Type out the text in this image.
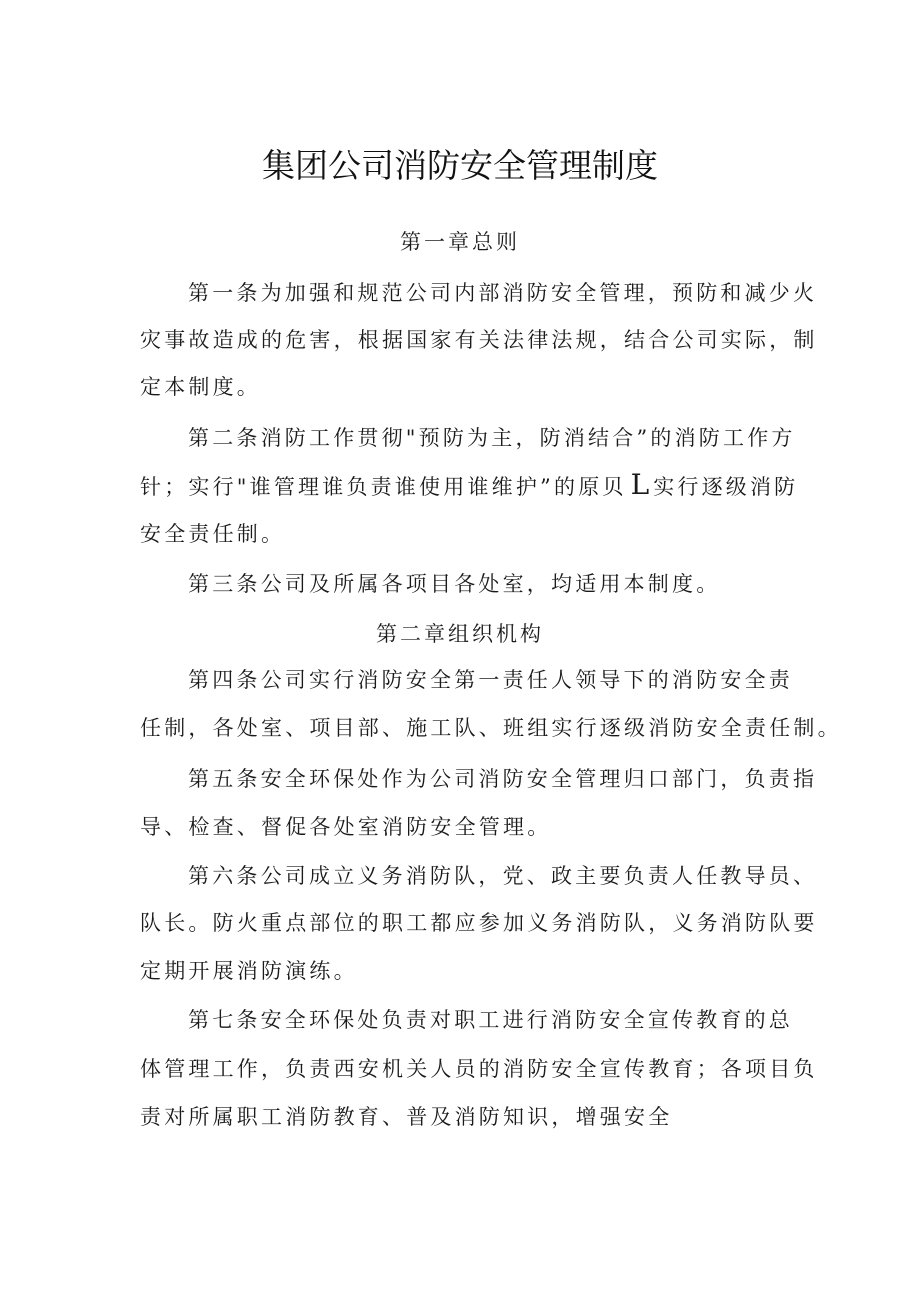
集团公司消防安全管理制度
第一章总则
第一条为加强和规范公司内部消防安全管理，预防和减少火
灾事故造成的危害，根据国家有关法律法规，结合公司实际，制
定本制度。
第二条消防工作贯彻"预防为主，防消结合”的消防工作方
针；实行"谁管理谁负责谁使用谁维护”的原贝 L 实行逐级消防
安全责任制。
第三条公司及所属各项目各处室，均适用本制度。
第二章组织机构
第四条公司实行消防安全第一责任人领导下的消防安全责
任制，各处室、项目部、施工队、班组实行逐级消防安全责任制。
第五条安全环保处作为公司消防安全管理归口部门，负责指
导、检查、督促各处室消防安全管理。
第六条公司成立义务消防队，党、政主要负责人任教导员、
队长。防火重点部位的职工都应参加义务消防队，义务消防队要
定期开展消防演练。
第七条安全环保处负责对职工进行消防安全宣传教育的总
体管理工作，负责西安机关人员的消防安全宣传教育；各项目负
责对所属职工消防教育、普及消防知识，增强安全
